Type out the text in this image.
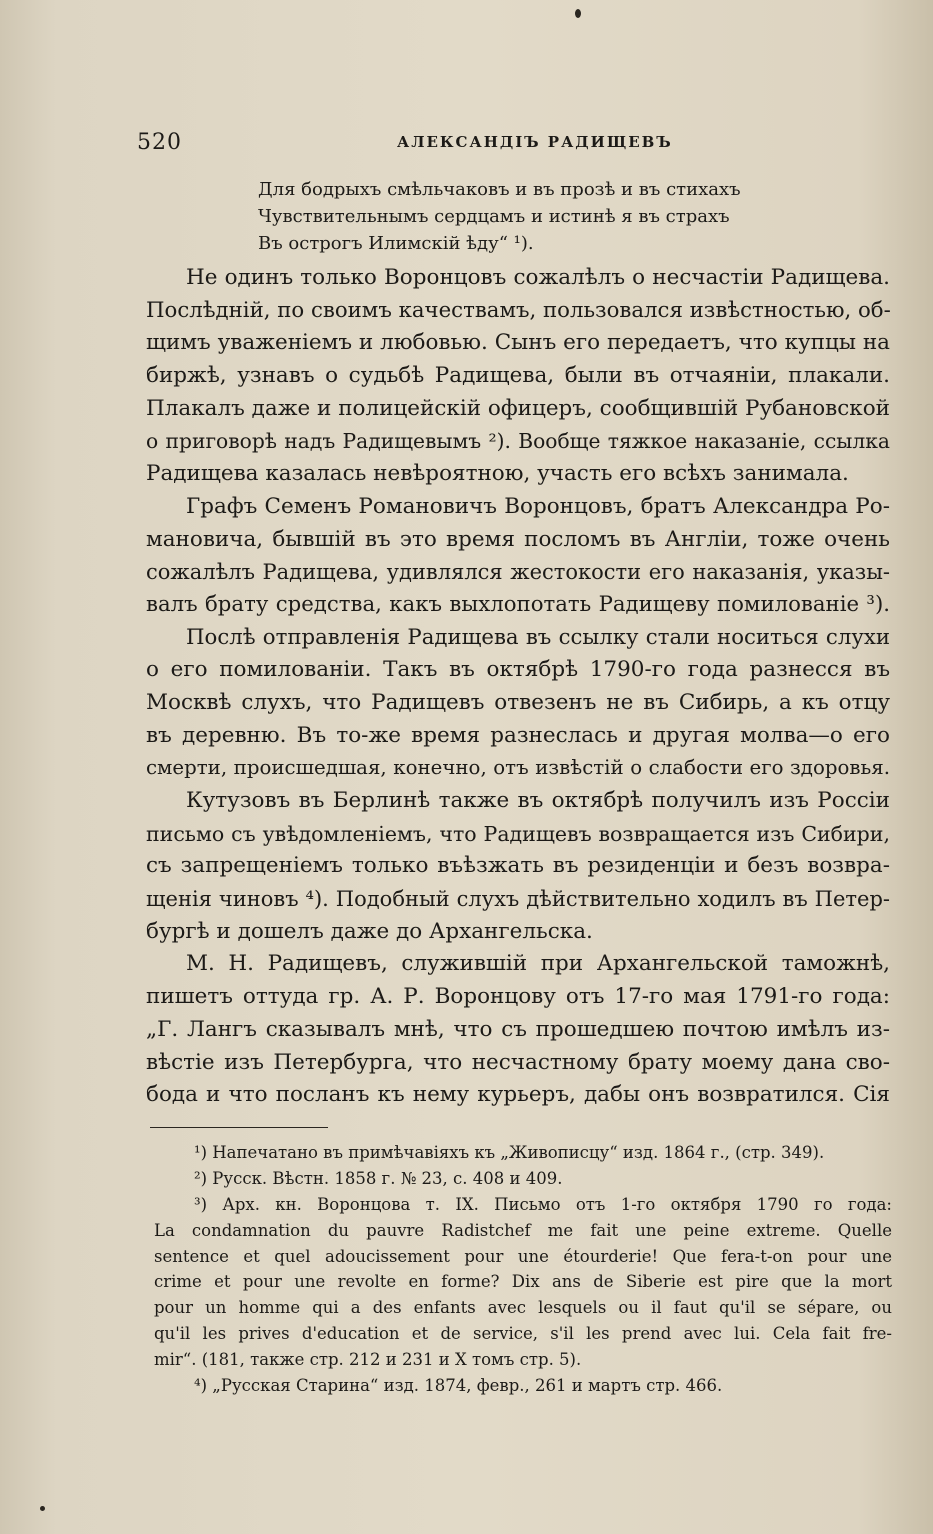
520	АЛЕКСАНДІЪ РАДИЩЕВЪ
Для бодрыхъ смѣльчаковъ и въ прозѣ и въ стихахъ
Чувствительнымъ сердцамъ и истинѣ я въ страхъ
Въ острогъ Илимскій ѣду“ ¹).
Не одинъ только Воронцовъ сожалѣлъ о несчастіи Радищева.
Послѣдній, по своимъ качествамъ, пользовался извѣстностью, об-
щимъ уваженіемъ и любовью. Сынъ его передаетъ, что купцы на
биржѣ, узнавъ о судьбѣ Радищева, были въ отчаяніи, плакали.
Плакалъ даже и полицейскій офицеръ, сообщившій Рубановской
о приговорѣ надъ Радищевымъ ²). Вообще тяжкое наказаніе, ссылка
Радищева казалась невѣроятною, участь его всѣхъ занимала.
Графъ Семенъ Романовичъ Воронцовъ, братъ Александра Ро-
мановича, бывшій въ это время посломъ въ Англіи, тоже очень
сожалѣлъ Радищева, удивлялся жестокости его наказанія, указы-
валъ брату средства, какъ выхлопотать Радищеву помилованіе ³).
Послѣ отправленія Радищева въ ссылку стали носиться слухи
о его помилованіи. Такъ въ октябрѣ 1790-го года разнесся въ
Москвѣ слухъ, что Радищевъ отвезенъ не въ Сибирь, а къ отцу
въ деревню. Въ то-же время разнеслась и другая молва—о его
смерти, происшедшая, конечно, отъ извѣстій о слабости его здоровья.
Кутузовъ въ Берлинѣ также въ октябрѣ получилъ изъ Россіи
письмо съ увѣдомленіемъ, что Радищевъ возвращается изъ Сибири,
съ запрещеніемъ только въѣзжать въ резиденціи и безъ возвра-
щенія чиновъ ⁴). Подобный слухъ дѣйствительно ходилъ въ Петер-
бургѣ и дошелъ даже до Архангельска.
М. Н. Радищевъ, служившій при Архангельской таможнѣ,
пишетъ оттуда гр. А. Р. Воронцову отъ 17-го мая 1791-го года:
„Г. Лангъ сказывалъ мнѣ, что съ прошедшею почтою имѣлъ из-
вѣстіе изъ Петербурга, что несчастному брату моему дана сво-
бода и что посланъ къ нему курьеръ, дабы онъ возвратился. Сія
¹) Напечатано въ примѣчавіяхъ къ „Живописцу“ изд. 1864 г., (стр. 349).
²) Русск. Вѣстн. 1858 г. № 23, с. 408 и 409.
³) Арх. кн. Воронцова т. IX. Письмо отъ 1-го октября 1790 го года:
La condamnation du pauvre Radistchef me fait une peine extreme. Quelle
sentence et quel adoucissement pour une étourderie! Que fera-t-on pour une
crime et pour une revolte en forme? Dix ans de Siberie est pire que la mort
pour un homme qui a des enfants avec lesquels ou il faut qu'il se sépare, ou
qu'il les prives d'education et de service, s'il les prend avec lui. Cela fait fre-
mir“. (181, также стр. 212 и 231 и X томъ стр. 5).
⁴) „Русская Старина“ изд. 1874, февр., 261 и мартъ стр. 466.
